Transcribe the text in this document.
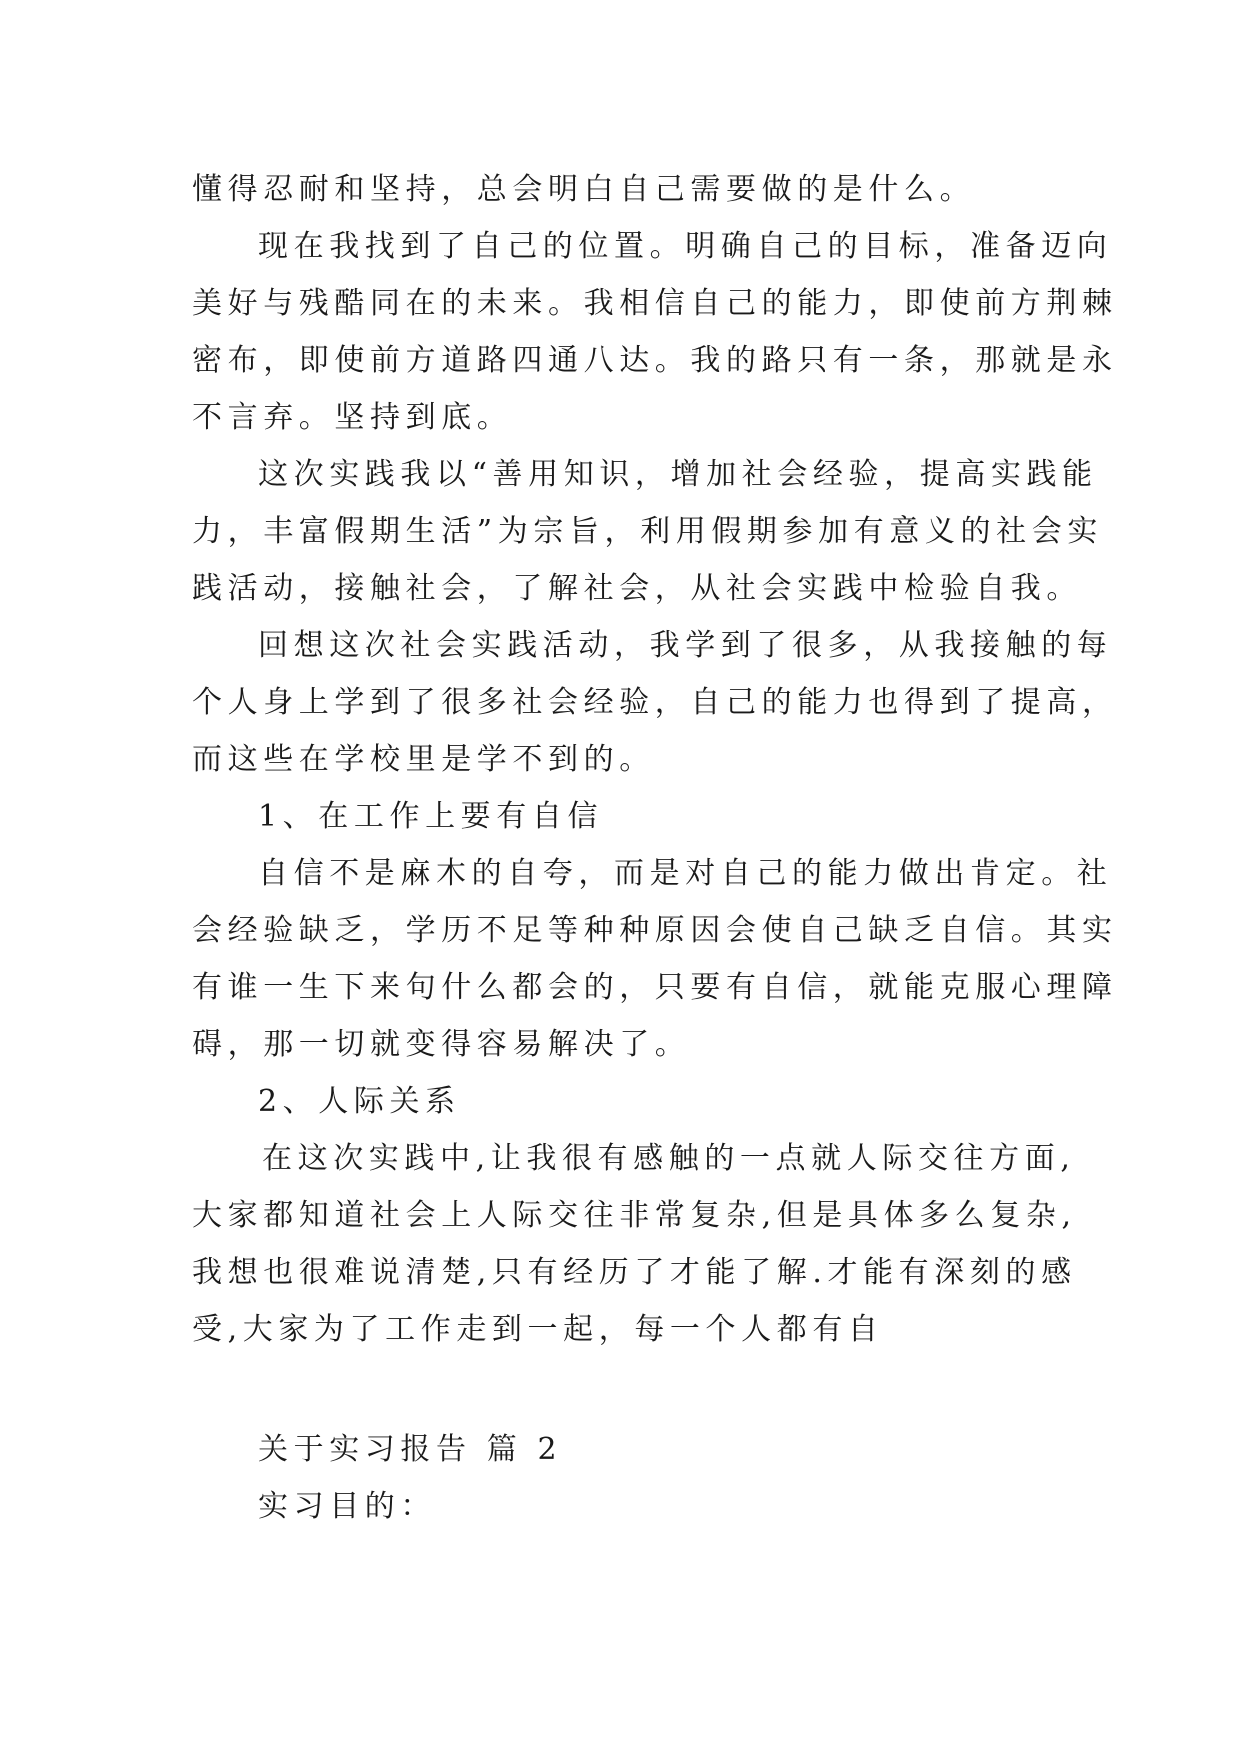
懂得忍耐和坚持，总会明白自己需要做的是什么。
现在我找到了自己的位置。明确自己的目标，准备迈向
美好与残酷同在的未来。我相信自己的能力，即使前方荆棘
密布，即使前方道路四通八达。我的路只有一条，那就是永
不言弃。坚持到底。
这次实践我以“善用知识，增加社会经验，提高实践能
力，丰富假期生活”为宗旨，利用假期参加有意义的社会实
践活动，接触社会，了解社会，从社会实践中检验自我。
回想这次社会实践活动，我学到了很多，从我接触的每
个人身上学到了很多社会经验，自己的能力也得到了提高，
而这些在学校里是学不到的。
1、在工作上要有自信
自信不是麻木的自夸，而是对自己的能力做出肯定。社
会经验缺乏，学历不足等种种原因会使自己缺乏自信。其实
有谁一生下来句什么都会的，只要有自信，就能克服心理障
碍，那一切就变得容易解决了。
2、人际关系
在这次实践中,让我很有感触的一点就人际交往方面,
大家都知道社会上人际交往非常复杂,但是具体多么复杂,
我想也很难说清楚,只有经历了才能了解.才能有深刻的感
受,大家为了工作走到一起，每一个人都有自
关于实习报告 篇 2
实习目的：
